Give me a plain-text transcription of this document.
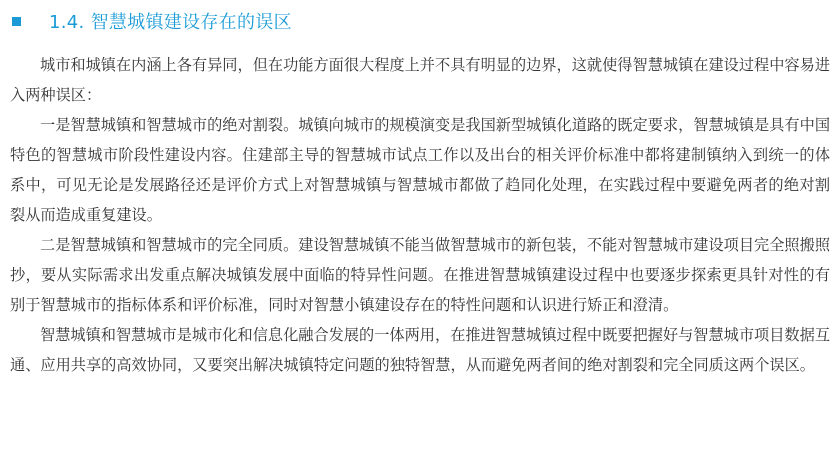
1.4. 智慧城镇建设存在的误区

城市和城镇在内涵上各有异同，但在功能方面很大程度上并不具有明显的边界，这就使得智慧城镇在建设过程中容易进入两种误区：

一是智慧城镇和智慧城市的绝对割裂。城镇向城市的规模演变是我国新型城镇化道路的既定要求，智慧城镇是具有中国特色的智慧城市阶段性建设内容。住建部主导的智慧城市试点工作以及出台的相关评价标准中都将建制镇纳入到统一的体系中，可见无论是发展路径还是评价方式上对智慧城镇与智慧城市都做了趋同化处理，在实践过程中要避免两者的绝对割裂从而造成重复建设。

二是智慧城镇和智慧城市的完全同质。建设智慧城镇不能当做智慧城市的新包装，不能对智慧城市建设项目完全照搬照抄，要从实际需求出发重点解决城镇发展中面临的特异性问题。在推进智慧城镇建设过程中也要逐步探索更具针对性的有别于智慧城市的指标体系和评价标准，同时对智慧小镇建设存在的特性问题和认识进行矫正和澄清。

智慧城镇和智慧城市是城市化和信息化融合发展的一体两用，在推进智慧城镇过程中既要把握好与智慧城市项目数据互通、应用共享的高效协同，又要突出解决城镇特定问题的独特智慧，从而避免两者间的绝对割裂和完全同质这两个误区。
